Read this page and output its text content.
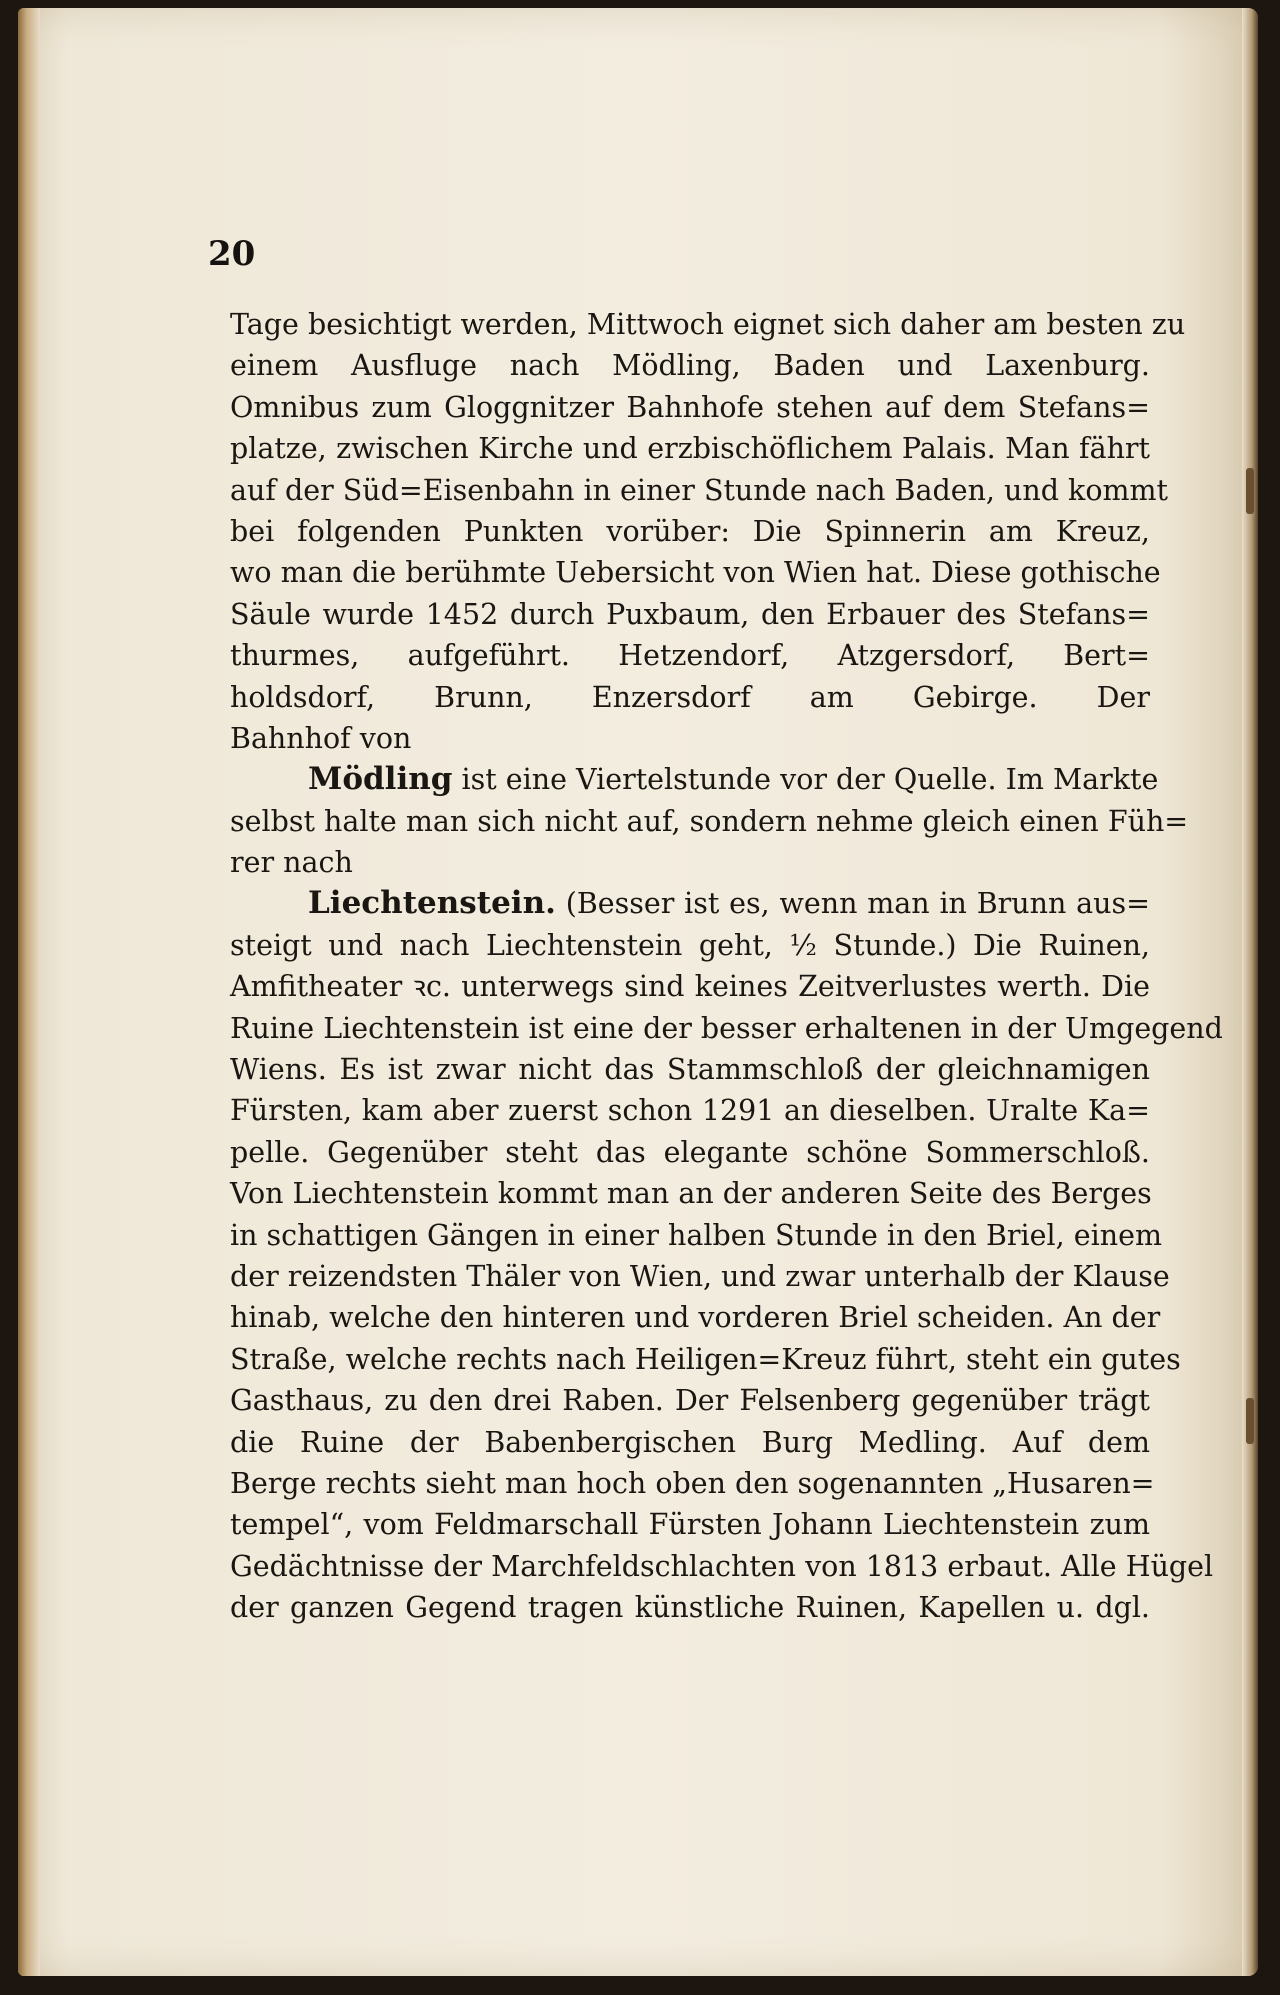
20
Tage besichtigt werden, Mittwoch eignet sich daher am besten zu
einem Ausfluge nach Mödling, Baden und Laxenburg.
Omnibus zum Gloggnitzer Bahnhofe stehen auf dem Stefans=
platze, zwischen Kirche und erzbischöflichem Palais. Man fährt
auf der Süd=Eisenbahn in einer Stunde nach Baden, und kommt
bei folgenden Punkten vorüber: Die Spinnerin am Kreuz,
wo man die berühmte Uebersicht von Wien hat. Diese gothische
Säule wurde 1452 durch Puxbaum, den Erbauer des Stefans=
thurmes, aufgeführt. Hetzendorf, Atzgersdorf, Bert=
holdsdorf, Brunn, Enzersdorf am Gebirge. Der
Bahnhof von
Mödling ist eine Viertelstunde vor der Quelle. Im Markte
selbst halte man sich nicht auf, sondern nehme gleich einen Füh=
rer nach
Liechtenstein. (Besser ist es, wenn man in Brunn aus=
steigt und nach Liechtenstein geht, ½ Stunde.) Die Ruinen,
Amfitheater ꝛc. unterwegs sind keines Zeitverlustes werth. Die
Ruine Liechtenstein ist eine der besser erhaltenen in der Umgegend
Wiens. Es ist zwar nicht das Stammschloß der gleichnamigen
Fürsten, kam aber zuerst schon 1291 an dieselben. Uralte Ka=
pelle. Gegenüber steht das elegante schöne Sommerschloß.
Von Liechtenstein kommt man an der anderen Seite des Berges
in schattigen Gängen in einer halben Stunde in den Briel, einem
der reizendsten Thäler von Wien, und zwar unterhalb der Klause
hinab, welche den hinteren und vorderen Briel scheiden. An der
Straße, welche rechts nach Heiligen=Kreuz führt, steht ein gutes
Gasthaus, zu den drei Raben. Der Felsenberg gegenüber trägt
die Ruine der Babenbergischen Burg Medling. Auf dem
Berge rechts sieht man hoch oben den sogenannten „Husaren=
tempel“, vom Feldmarschall Fürsten Johann Liechtenstein zum
Gedächtnisse der Marchfeldschlachten von 1813 erbaut. Alle Hügel
der ganzen Gegend tragen künstliche Ruinen, Kapellen u. dgl.
